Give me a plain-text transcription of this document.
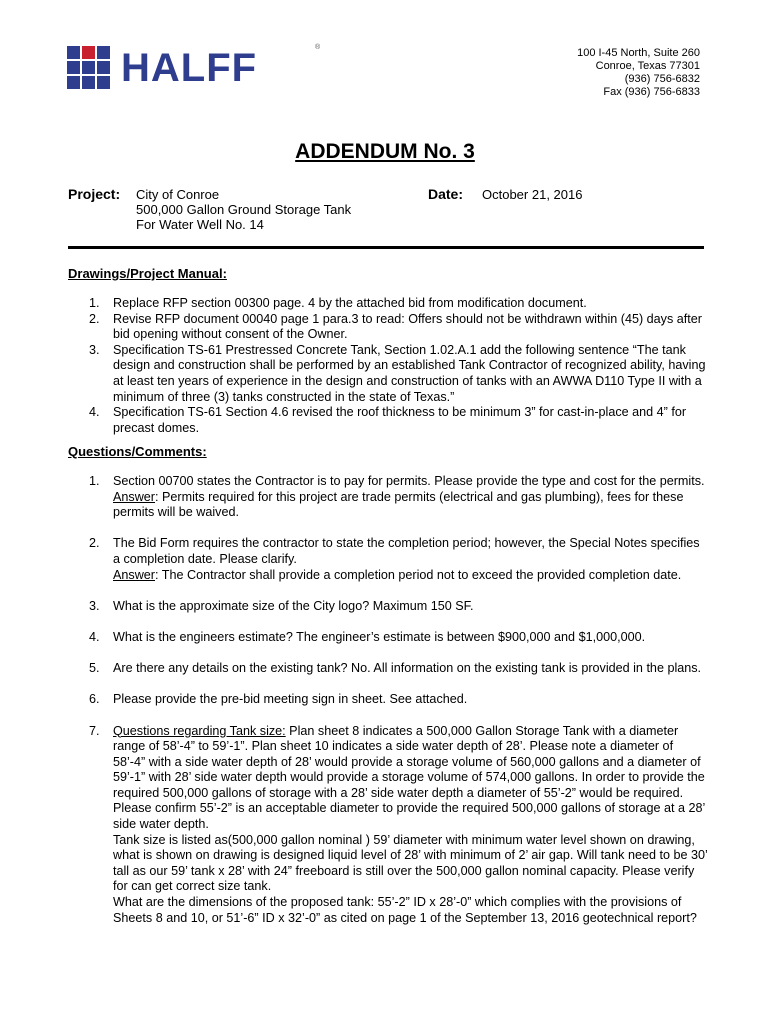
HALFF	®	100 I-45 North, Suite 260
Conroe, Texas 77301
(936) 756-6832
Fax (936) 756-6833
ADDENDUM No. 3
Project: City of Conroe
500,000 Gallon Ground Storage Tank
For Water Well No. 14
Date: October 21, 2016
Drawings/Project Manual:
1. Replace RFP section 00300 page. 4 by the attached bid from modification document.
2. Revise RFP document 00040 page 1 para.3 to read: Offers should not be withdrawn within (45) days after bid opening without consent of the Owner.
3. Specification TS-61 Prestressed Concrete Tank, Section 1.02.A.1 add the following sentence “The tank design and construction shall be performed by an established Tank Contractor of recognized ability, having at least ten years of experience in the design and construction of tanks with an AWWA D110 Type II with a minimum of three (3) tanks constructed in the state of Texas.”
4. Specification TS-61 Section 4.6 revised the roof thickness to be minimum 3” for cast-in-place and 4” for precast domes.
Questions/Comments:
1. Section 00700 states the Contractor is to pay for permits. Please provide the type and cost for the permits. Answer: Permits required for this project are trade permits (electrical and gas plumbing), fees for these permits will be waived.
2. The Bid Form requires the contractor to state the completion period; however, the Special Notes specifies a completion date. Please clarify.
Answer: The Contractor shall provide a completion period not to exceed the provided completion date.
3. What is the approximate size of the City logo? Maximum 150 SF.
4. What is the engineers estimate? The engineer’s estimate is between $900,000 and $1,000,000.
5. Are there any details on the existing tank? No. All information on the existing tank is provided in the plans.
6. Please provide the pre-bid meeting sign in sheet. See attached.
7. Questions regarding Tank size: Plan sheet 8 indicates a 500,000 Gallon Storage Tank with a diameter range of 58’-4” to 59’-1”. Plan sheet 10 indicates a side water depth of 28’. Please note a diameter of 58’-4” with a side water depth of 28’ would provide a storage volume of 560,000 gallons and a diameter of 59’-1” with 28’ side water depth would provide a storage volume of 574,000 gallons. In order to provide the required 500,000 gallons of storage with a 28’ side water depth a diameter of 55’-2” would be required. Please confirm 55’-2” is an acceptable diameter to provide the required 500,000 gallons of storage at a 28’ side water depth.
Tank size is listed as(500,000 gallon nominal ) 59’ diameter with minimum water level shown on drawing, what is shown on drawing is designed liquid level of 28’ with minimum of 2’ air gap. Will tank need to be 30’ tall as our 59’ tank x 28’ with 24” freeboard is still over the 500,000 gallon nominal capacity. Please verify for can get correct size tank.
What are the dimensions of the proposed tank: 55’-2” ID x 28’-0” which complies with the provisions of Sheets 8 and 10, or 51’-6” ID x 32’-0” as cited on page 1 of the September 13, 2016 geotechnical report?
